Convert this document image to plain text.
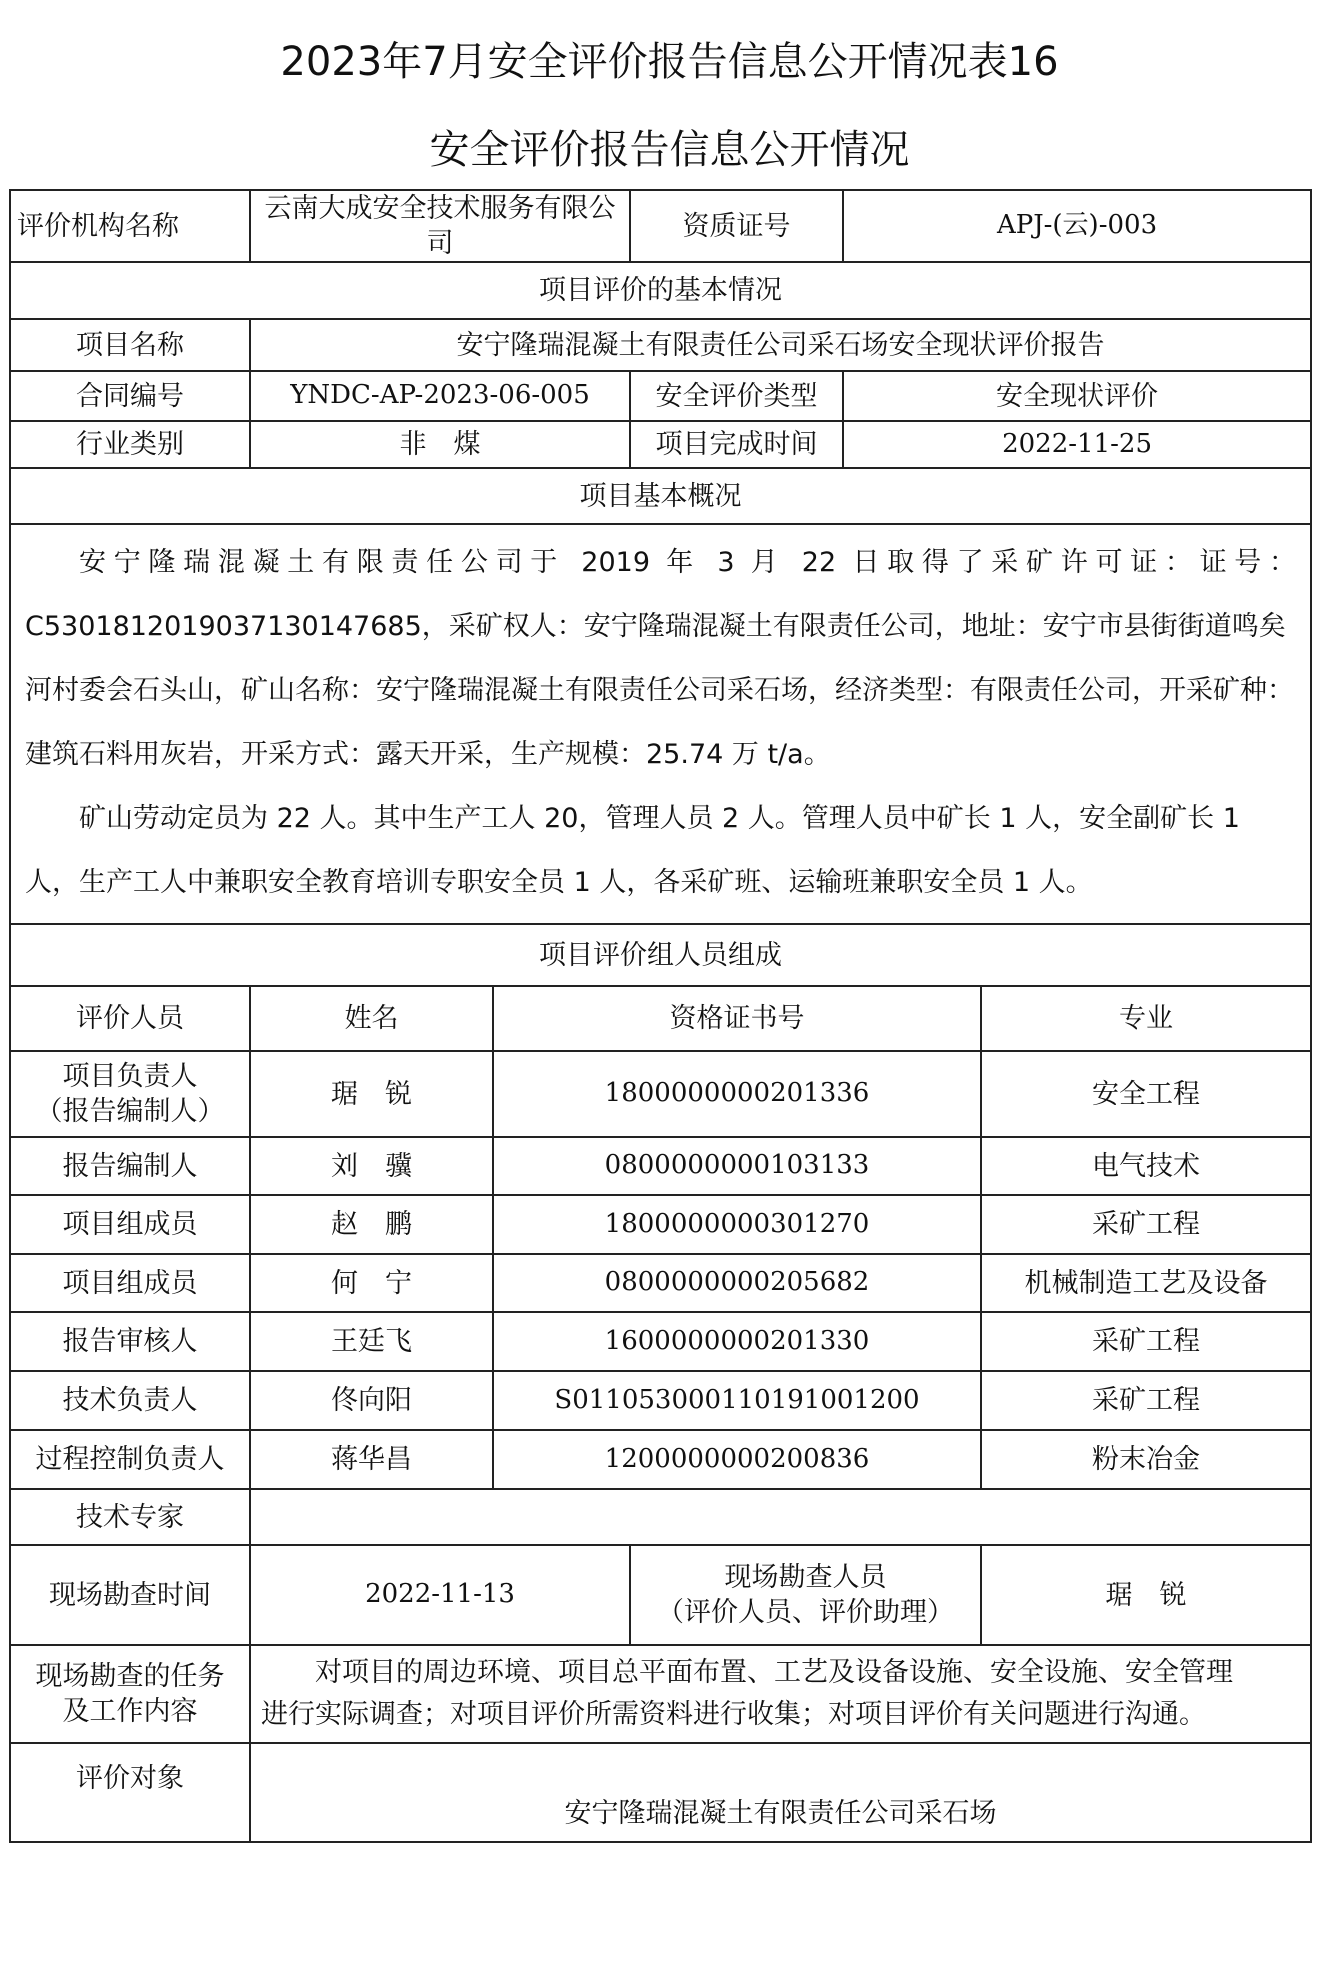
2023年7月安全评价报告信息公开情况表16
安全评价报告信息公开情况
评价机构名称	云南大成安全技术服务有限公司		资质证号	APJ-(云)-003	
项目评价的基本情况					
项目名称	安宁隆瑞混凝土有限责任公司采石场安全现状评价报告				
合同编号	YNDC-AP-2023-06-005		安全评价类型	安全现状评价	
行业类别	非　煤		项目完成时间	2022-11-25	
项目基本概况					

安宁隆瑞混凝土有限责任公司于 2019 年 3 月 22 日取得了采矿许可证：证号：
C5301812019037130147685，采矿权人：安宁隆瑞混凝土有限责任公司，地址：安宁市县街街道鸣矣河村委会石头山，矿山名称：安宁隆瑞混凝土有限责任公司采石场，经济类型：有限责任公司，开采矿种：建筑石料用灰岩，开采方式：露天开采，生产规模：25.74 万 t/a。

矿山劳动定员为 22 人。其中生产工人 20，管理人员 2 人。管理人员中矿长 1 人，安全副矿长 1 人，生产工人中兼职安全教育培训专职安全员 1 人，各采矿班、运输班兼职安全员 1 人。					

项目评价组人员组成					
评价人员	姓名	资格证书号			专业

项目负责人
（报告编制人）	琚　锐	1800000000201336			安全工程
报告编制人	刘　骥	0800000000103133			电气技术
项目组成员	赵　鹏	1800000000301270			采矿工程
项目组成员	何　宁	0800000000205682			机械制造工艺及设备
报告审核人	王廷飞	1600000000201330			采矿工程
技术负责人	佟向阳	S011053000110191001200			采矿工程
过程控制负责人	蒋华昌	1200000000200836			粉末冶金
技术专家					
现场勘查时间	2022-11-13		现场勘查人员
（评价人员、评价助理）		琚　锐

现场勘查的任务
及工作内容	对项目的周边环境、项目总平面布置、工艺及设备设施、安全设施、安全管理
进行实际调查；对项目评价所需资料进行收集；对项目评价有关问题进行沟通。				

评价对象	安宁隆瑞混凝土有限责任公司采石场				
